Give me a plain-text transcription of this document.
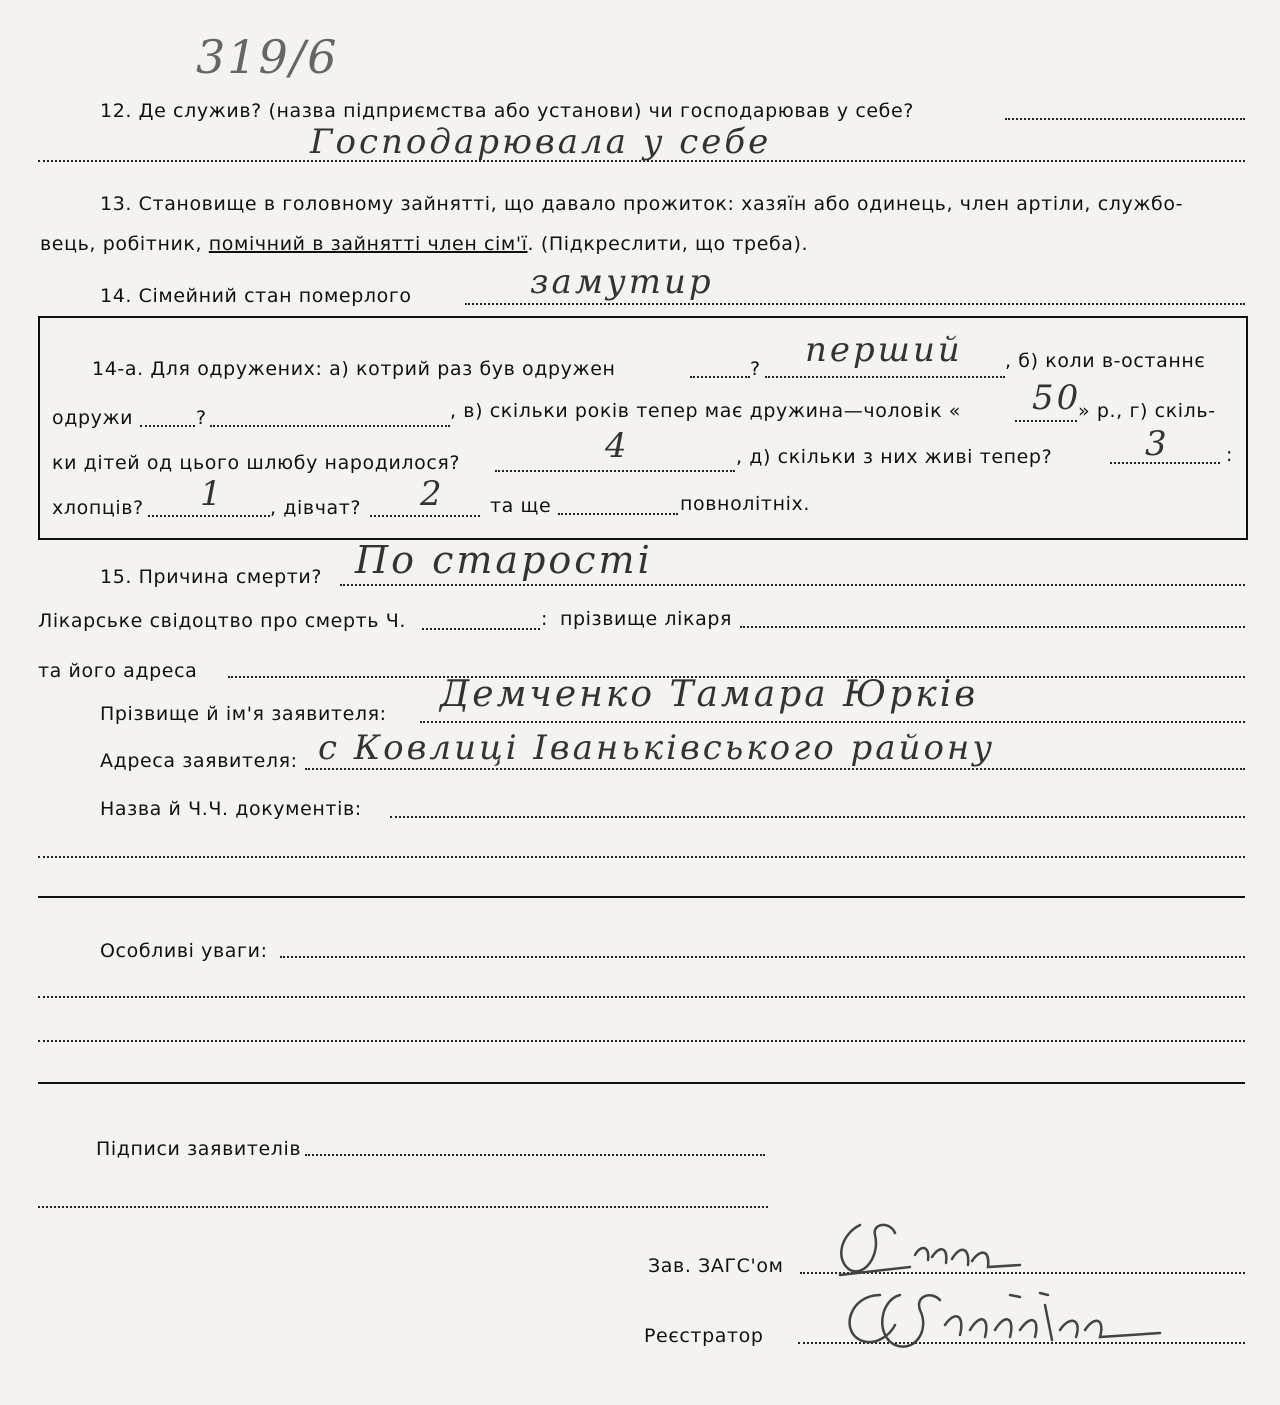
319/6
12. Де служив? (назва підприємства або установи) чи господарював у себе?
Господарювала у себе
13. Становище в головному зайнятті, що давало прожиток: хазяїн або одинець, член артіли, службо-
вець, робітник, помічний в зайнятті член сім'ї. (Підкреслити, що треба).
14. Сімейний стан померлого	замутир
14-а. Для одружених: а) котрий раз був одружен	? перший , б) коли в-останнє
одружи	?	, в) скільки років тепер має дружина—чоловік « 50
» р., г) скіль-
ки дітей од цього шлюбу народилося?	4	, д) скільки з них живі тепер?	3	:
хлопців? 1 , дівчат? 2 та ще	повнолітніх.
15. Причина смерти? По старості
Лікарське свідоцтво про смерть Ч.	: прізвище лікаря
та його адреса
Прізвище й ім'я заявителя: Демченко Тамара Юрків
Адреса заявителя: с Ковлиці Іваньківського району
Назва й Ч.Ч. документів:
Особливі уваги:
Підписи заявителів
Зав. ЗАГС'ом
Реєстратор
